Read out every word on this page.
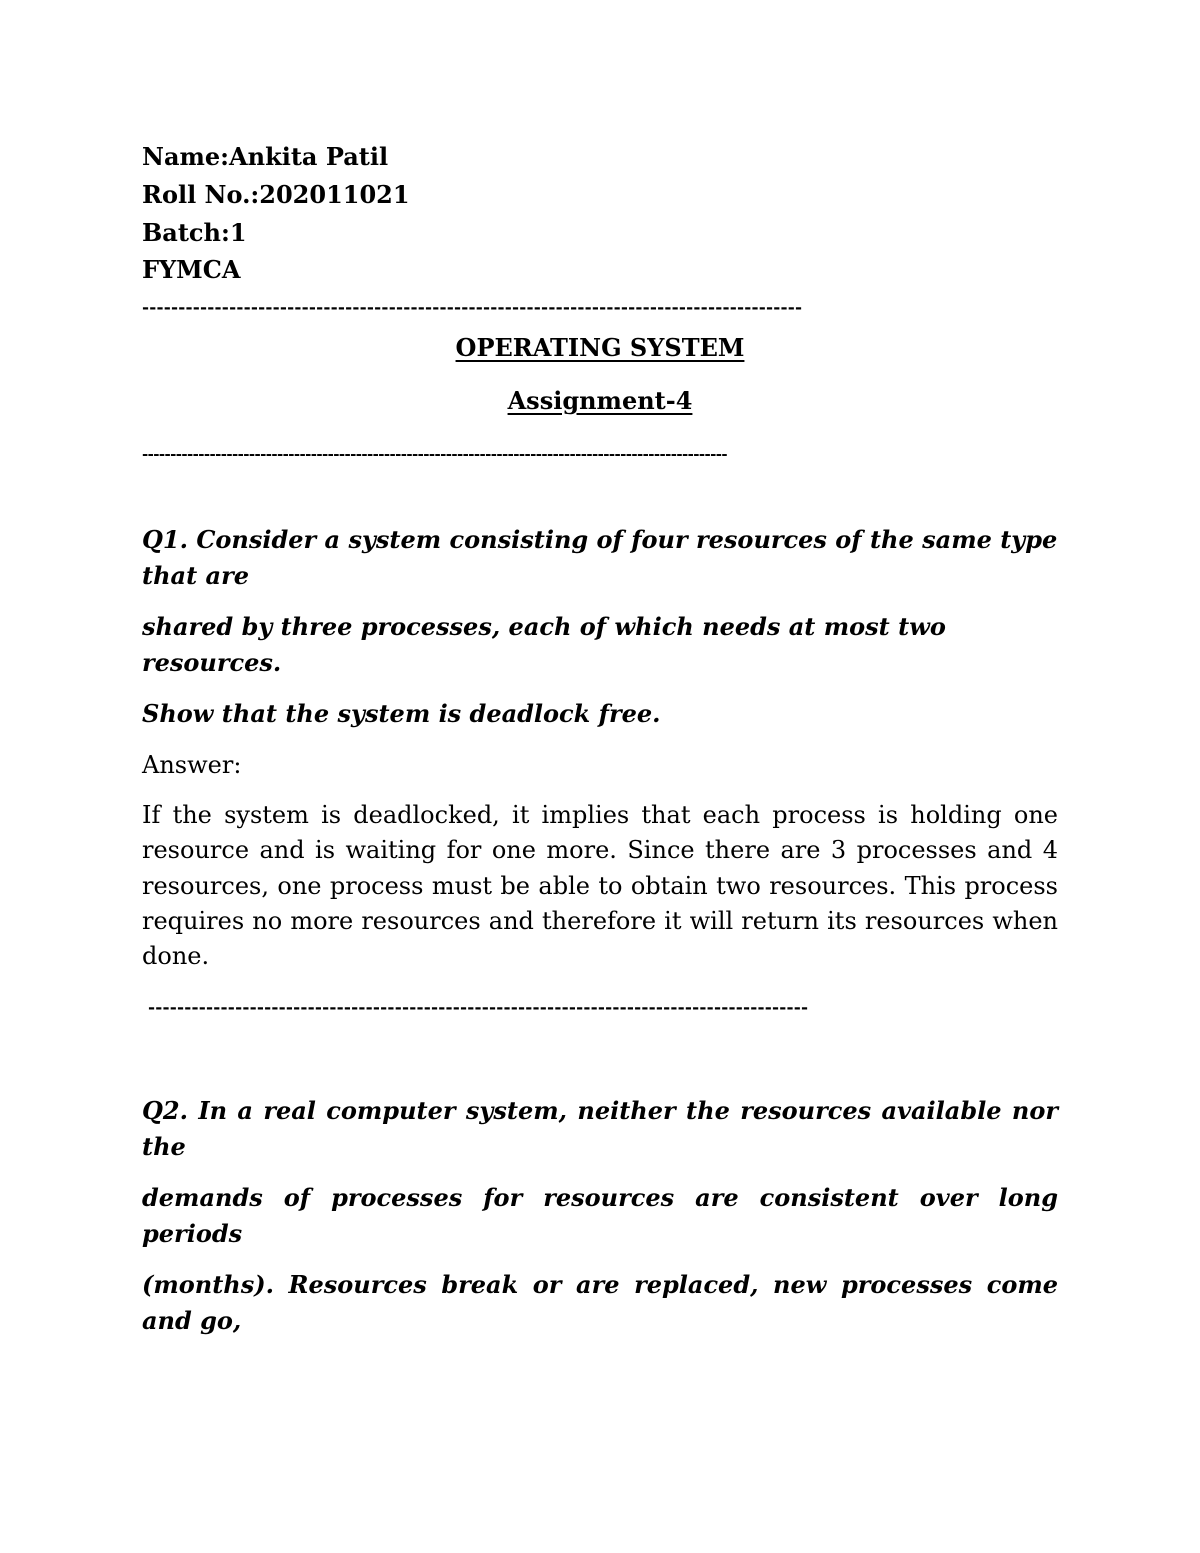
Name:Ankita Patil
Roll No.:202011021
Batch:1
FYMCA
-------------------------------------------------------------------------------------------
OPERATING SYSTEM
Assignment-4
--------------------------------------------------------------------------------------------------------
Q1. Consider a system consisting of four resources of the same type that are
shared by three processes, each of which needs at most two resources.
Show that the system is deadlock free.
Answer:
If the system is deadlocked, it implies that each process is holding one resource and is waiting for one more. Since there are 3 processes and 4 resources, one process must be able to obtain two resources. This process requires no more resources and therefore it will return its resources when done.
-------------------------------------------------------------------------------------------
Q2. In a real computer system, neither the resources available nor the
demands of processes for resources are consistent over long periods
(months). Resources break or are replaced, new processes come and go,
